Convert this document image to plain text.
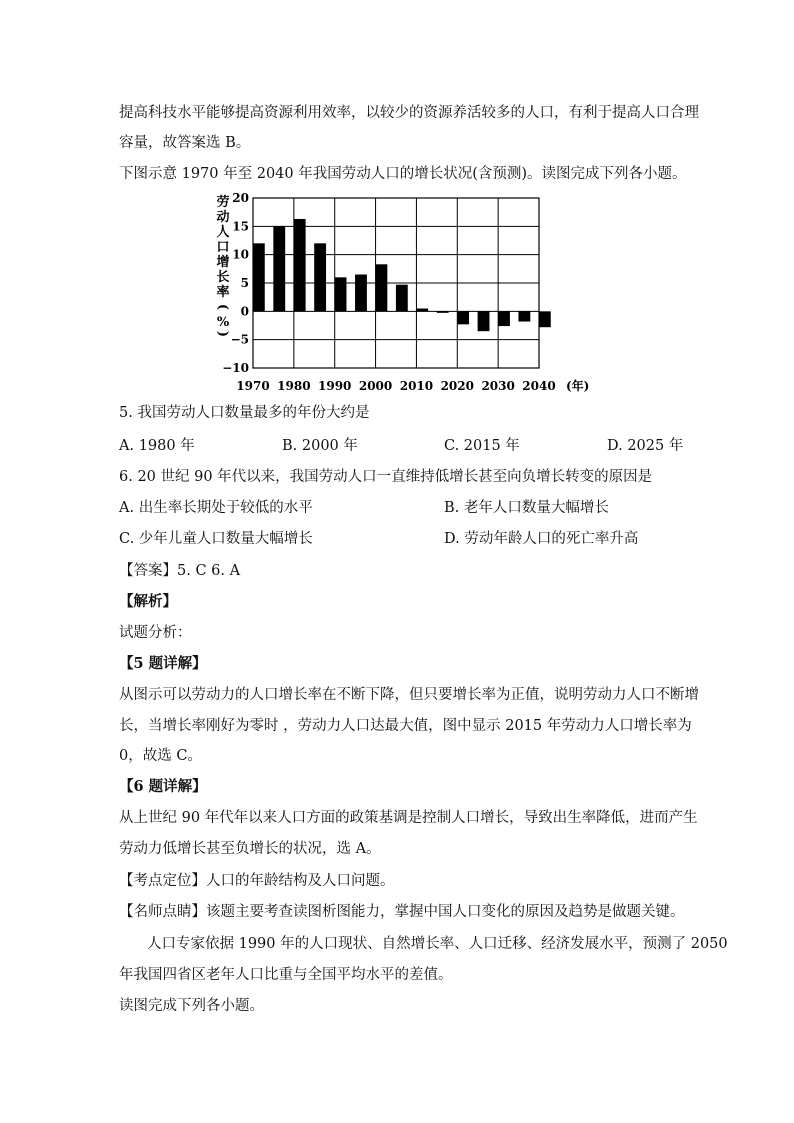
提高科技水平能够提高资源利用效率，以较少的资源养活较多的人口，有利于提高人口合理
容量，故答案选 B。
下图示意 1970 年至 2040 年我国劳动人口的增长状况(含预测)。读图完成下列各小题。
劳
动
人
口
增
长
率
(
%
)
20
15
10
5
0
−5
−10
1970 1980 1990 2000 2010 2020 2030 2040 (年)
5. 我国劳动人口数量最多的年份大约是
A. 1980 年	B. 2000 年	C. 2015 年	D. 2025 年
6. 20 世纪 90 年代以来，我国劳动人口一直维持低增长甚至向负增长转变的原因是
A. 出生率长期处于较低的水平	B. 老年人口数量大幅增长
C. 少年儿童人口数量大幅增长	D. 劳动年龄人口的死亡率升高
【答案】5. C 6. A
【解析】
试题分析：
【5 题详解】
从图示可以劳动力的人口增长率在不断下降，但只要增长率为正值，说明劳动力人口不断增
长，当增长率刚好为零时 ，劳动力人口达最大值，图中显示 2015 年劳动力人口增长率为
0，故选 C。
【6 题详解】
从上世纪 90 年代年以来人口方面的政策基调是控制人口增长，导致出生率降低，进而产生
劳动力低增长甚至负增长的状况，选 A。
【考点定位】人口的年龄结构及人口问题。
【名师点睛】该题主要考查读图析图能力，掌握中国人口变化的原因及趋势是做题关键。
人口专家依据 1990 年的人口现状、自然增长率、人口迁移、经济发展水平，预测了 2050
年我国四省区老年人口比重与全国平均水平的差值。
读图完成下列各小题。
